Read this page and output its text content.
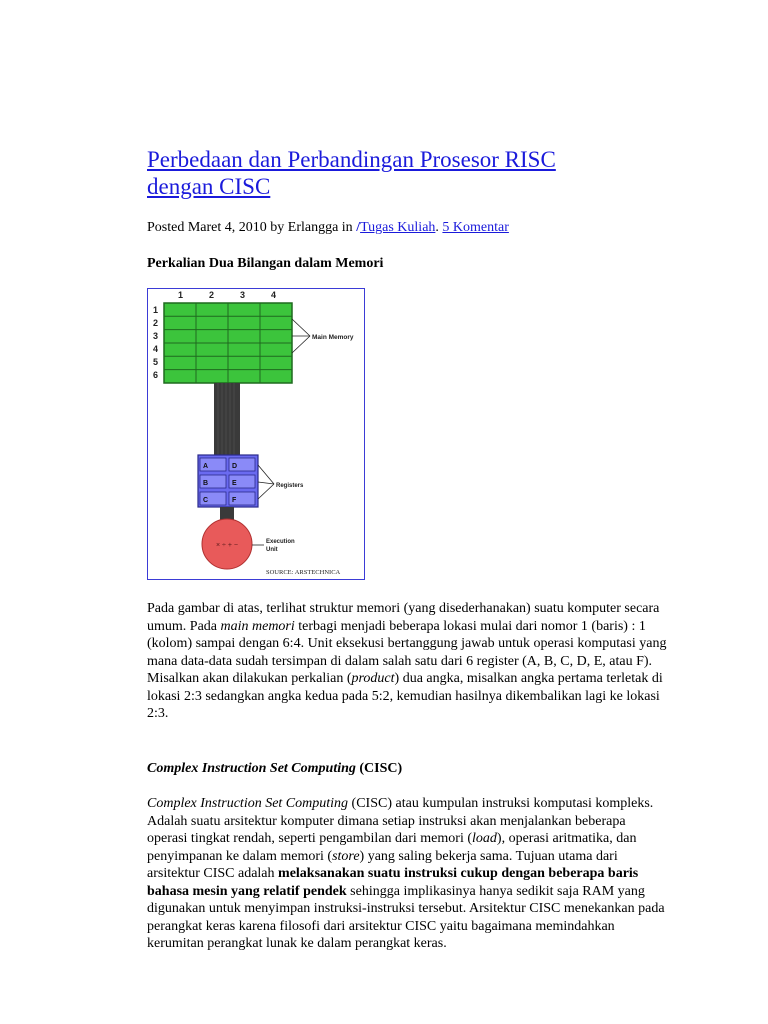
Perbedaan dan Perbandingan Prosesor RISC dengan CISC
Posted Maret 4, 2010 by Erlangga in /Tugas Kuliah. 5 Komentar
Perkalian Dua Bilangan dalam Memori
1	2	3	4
1
2
3
4
5
6
Main Memory
A	D
B	E
C	F
Registers
× ÷ + −	Execution
Unit
SOURCE: ARSTECHNICA

Pada gambar di atas, terlihat struktur memori (yang disederhanakan) suatu komputer secara umum. Pada main memori terbagi menjadi beberapa lokasi mulai dari nomor 1 (baris) : 1 (kolom) sampai dengan 6:4. Unit eksekusi bertanggung jawab untuk operasi komputasi yang mana data-data sudah tersimpan di dalam salah satu dari 6 register (A, B, C, D, E, atau F). Misalkan akan dilakukan perkalian (product) dua angka, misalkan angka pertama terletak di lokasi 2:3 sedangkan angka kedua pada 5:2, kemudian hasilnya dikembalikan lagi ke lokasi 2:3.

Complex Instruction Set Computing (CISC)

Complex Instruction Set Computing (CISC) atau kumpulan instruksi komputasi kompleks. Adalah suatu arsitektur komputer dimana setiap instruksi akan menjalankan beberapa operasi tingkat rendah, seperti pengambilan dari memori (load), operasi aritmatika, dan penyimpanan ke dalam memori (store) yang saling bekerja sama. Tujuan utama dari arsitektur CISC adalah melaksanakan suatu instruksi cukup dengan beberapa baris bahasa mesin yang relatif pendek sehingga implikasinya hanya sedikit saja RAM yang digunakan untuk menyimpan instruksi-instruksi tersebut. Arsitektur CISC menekankan pada perangkat keras karena filosofi dari arsitektur CISC yaitu bagaimana memindahkan kerumitan perangkat lunak ke dalam perangkat keras.
